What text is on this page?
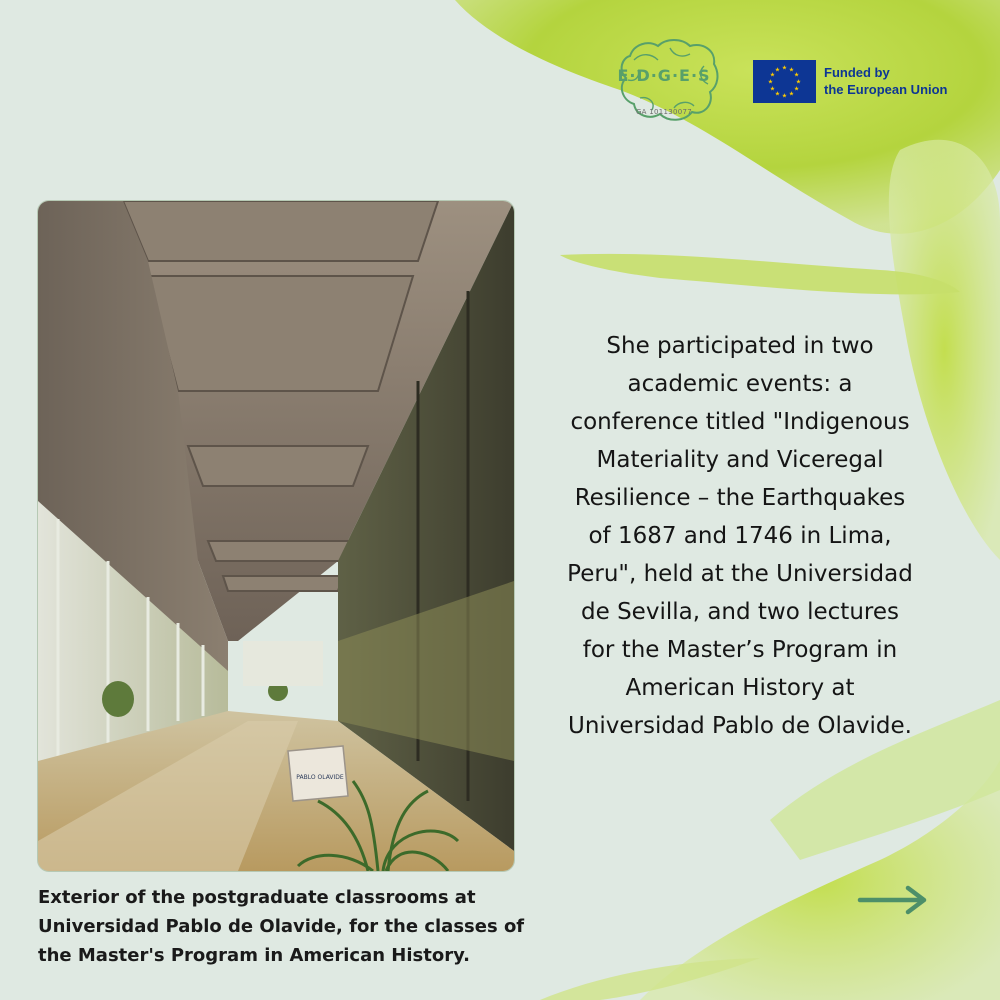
E·D·G·E·S
GA 101130077
★ ★
★
★
★
★
★
★
★
★
★
★	Funded by
the European Union
PABLO OLAVIDE
She participated in two
academic events: a
conference titled "Indigenous
Materiality and Viceregal
Resilience – the Earthquakes
of 1687 and 1746 in Lima,
Peru", held at the Universidad
de Sevilla, and two lectures
for the Master’s Program in
American History at
Universidad Pablo de Olavide.
Exterior of the postgraduate classrooms at
Universidad Pablo de Olavide, for the classes of
the Master's Program in American History.
